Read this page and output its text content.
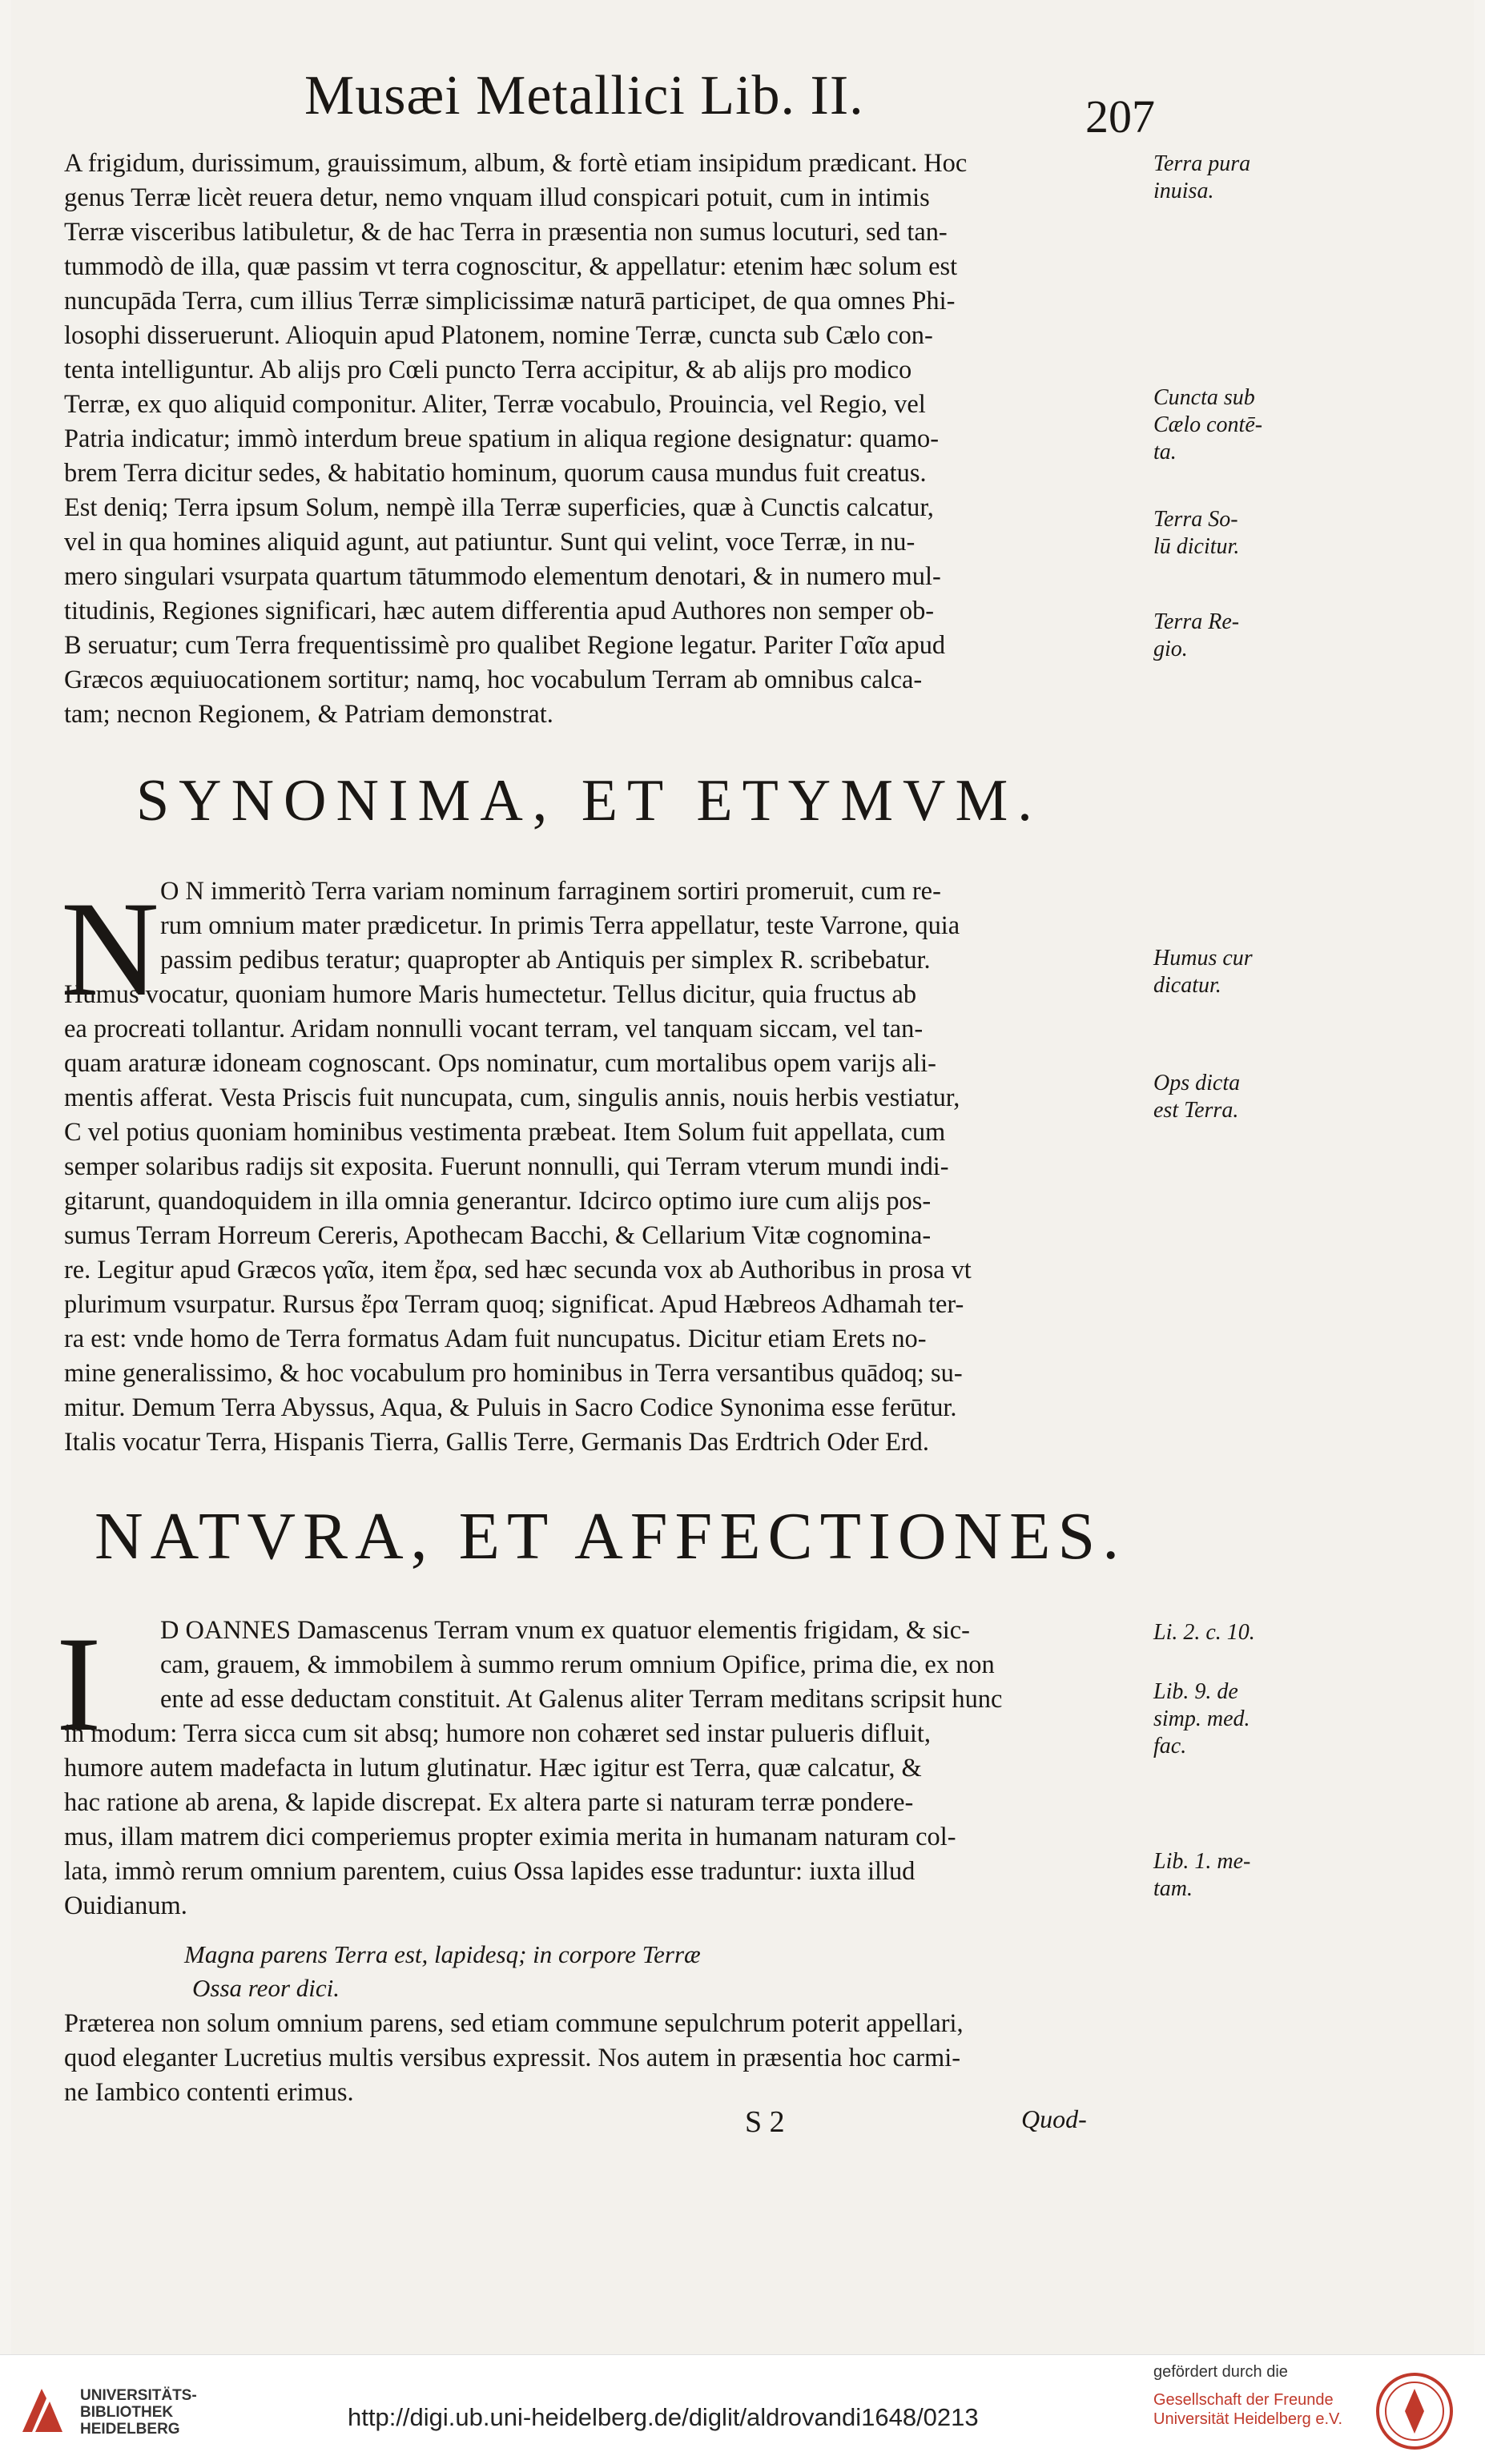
Musæi Metallici Lib. II.	207
A frigidum, durissimum, grauissimum, album, & fortè etiam insipidum prædicant. Hoc
genus Terræ licèt reuera detur, nemo vnquam illud conspicari potuit, cum in intimis
Terræ visceribus latibuletur, & de hac Terra in præsentia non sumus locuturi, sed tan-
tummodò de illa, quæ passim vt terra cognoscitur, & appellatur: etenim hæc solum est
nuncupāda Terra, cum illius Terræ simplicissimæ naturā participet, de qua omnes Phi-
losophi disseruerunt. Alioquin apud Platonem, nomine Terræ, cuncta sub Cælo con-
tenta intelliguntur. Ab alijs pro Cœli puncto Terra accipitur, & ab alijs pro modico
Terræ, ex quo aliquid componitur. Aliter, Terræ vocabulo, Prouincia, vel Regio, vel
Patria indicatur; immò interdum breue spatium in aliqua regione designatur: quamo-
brem Terra dicitur sedes, & habitatio hominum, quorum causa mundus fuit creatus.
Est deniq; Terra ipsum Solum, nempè illa Terræ superficies, quæ à Cunctis calcatur,
vel in qua homines aliquid agunt, aut patiuntur. Sunt qui velint, voce Terræ, in nu-
mero singulari vsurpata quartum tātummodo elementum denotari, & in numero mul-
titudinis, Regiones significari, hæc autem differentia apud Authores non semper ob-
B seruatur; cum Terra frequentissimè pro qualibet Regione legatur. Pariter Γαῖα apud
Græcos æquiuocationem sortitur; namq, hoc vocabulum Terram ab omnibus calca-
tam; necnon Regionem, & Patriam demonstrat.
Terra pura
inuisa.
Cuncta sub
Cælo contē-
ta.
Terra So-
lū dicitur.
Terra Re-
gio.
SYNONIMA, ET ETYMVM.
N O N immeritò Terra variam nominum farraginem sortiri promeruit, cum re-
rum omnium mater prædicetur. In primis Terra appellatur, teste Varrone, quia
passim pedibus teratur; quapropter ab Antiquis per simplex R. scribebatur.
Humus vocatur, quoniam humore Maris humectetur. Tellus dicitur, quia fructus ab
ea procreati tollantur. Aridam nonnulli vocant terram, vel tanquam siccam, vel tan-
quam araturæ idoneam cognoscant. Ops nominatur, cum mortalibus opem varijs ali-
mentis afferat. Vesta Priscis fuit nuncupata, cum, singulis annis, nouis herbis vestiatur,
C vel potius quoniam hominibus vestimenta præbeat. Item Solum fuit appellata, cum
semper solaribus radijs sit exposita. Fuerunt nonnulli, qui Terram vterum mundi indi-
gitarunt, quandoquidem in illa omnia generantur. Idcirco optimo iure cum alijs pos-
sumus Terram Horreum Cereris, Apothecam Bacchi, & Cellarium Vitæ cognomina-
re. Legitur apud Græcos γαῖα, item ἔρα, sed hæc secunda vox ab Authoribus in prosa vt
plurimum vsurpatur. Rursus ἔρα Terram quoq; significat. Apud Hæbreos Adhamah ter-
ra est: vnde homo de Terra formatus Adam fuit nuncupatus. Dicitur etiam Erets no-
mine generalissimo, & hoc vocabulum pro hominibus in Terra versantibus quādoq; su-
mitur. Demum Terra Abyssus, Aqua, & Puluis in Sacro Codice Synonima esse ferūtur.
Italis vocatur Terra, Hispanis Tierra, Gallis Terre, Germanis Das Erdtrich Oder Erd.
Humus cur
dicatur.
Ops dicta
est Terra.
NATVRA, ET AFFECTIONES.
I	D OANNES Damascenus Terram vnum ex quatuor elementis frigidam, & sic-
cam, grauem, & immobilem à summo rerum omnium Opifice, prima die, ex non
ente ad esse deductam constituit. At Galenus aliter Terram meditans scripsit hunc
in modum: Terra sicca cum sit absq; humore non cohæret sed instar pulueris difluit,
humore autem madefacta in lutum glutinatur. Hæc igitur est Terra, quæ calcatur, &
hac ratione ab arena, & lapide discrepat. Ex altera parte si naturam terræ pondere-
mus, illam matrem dici comperiemus propter eximia merita in humanam naturam col-
lata, immò rerum omnium parentem, cuius Ossa lapides esse traduntur: iuxta illud
Ouidianum.
Li. 2. c. 10.
Lib. 9. de
simp. med.
fac.
Lib. 1. me-
tam.
Magna parens Terra est, lapidesq; in corpore Terræ
Ossa reor dici.
Præterea non solum omnium parens, sed etiam commune sepulchrum poterit appellari,
quod eleganter Lucretius multis versibus expressit. Nos autem in præsentia hoc carmi-
ne Iambico contenti erimus.
S 2	Quod-
UNIVERSITÄTS-
BIBLIOTHEK
HEIDELBERG	http://digi.ub.uni-heidelberg.de/diglit/aldrovandi1648/0213
gefördert durch die
Gesellschaft der Freunde
Universität Heidelberg e.V.
